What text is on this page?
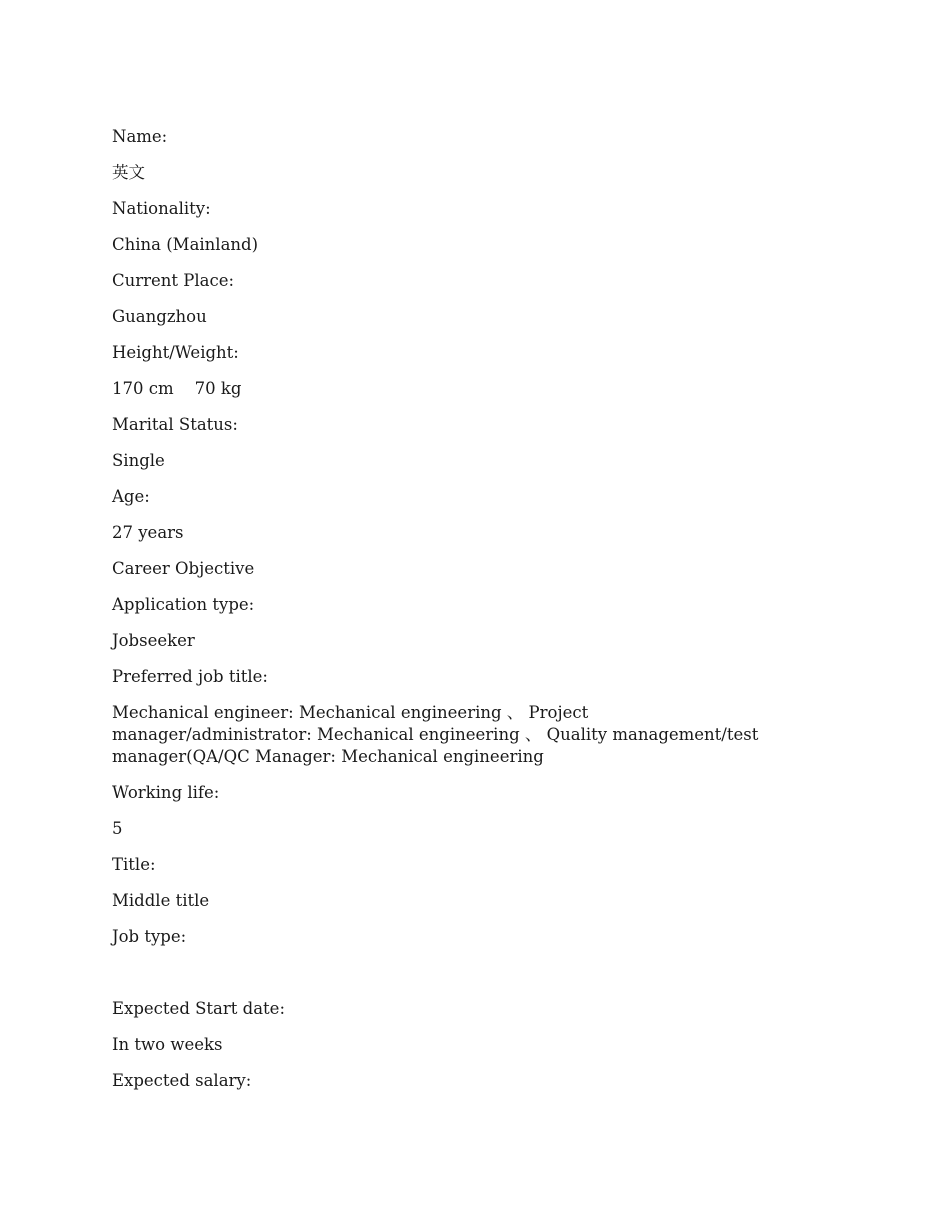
Name:

英文

Nationality:

China (Mainland)

Current Place:

Guangzhou

Height/Weight:

170 cm    70 kg

Marital Status:

Single

Age:

27 years

Career Objective

Application type:

Jobseeker

Preferred job title:

Mechanical engineer: Mechanical engineering 、 Project manager/administrator: Mechanical engineering 、 Quality management/test manager(QA/QC Manager: Mechanical engineering

Working life:

5

Title:

Middle title

Job type:

Expected Start date:

In two weeks

Expected salary:
